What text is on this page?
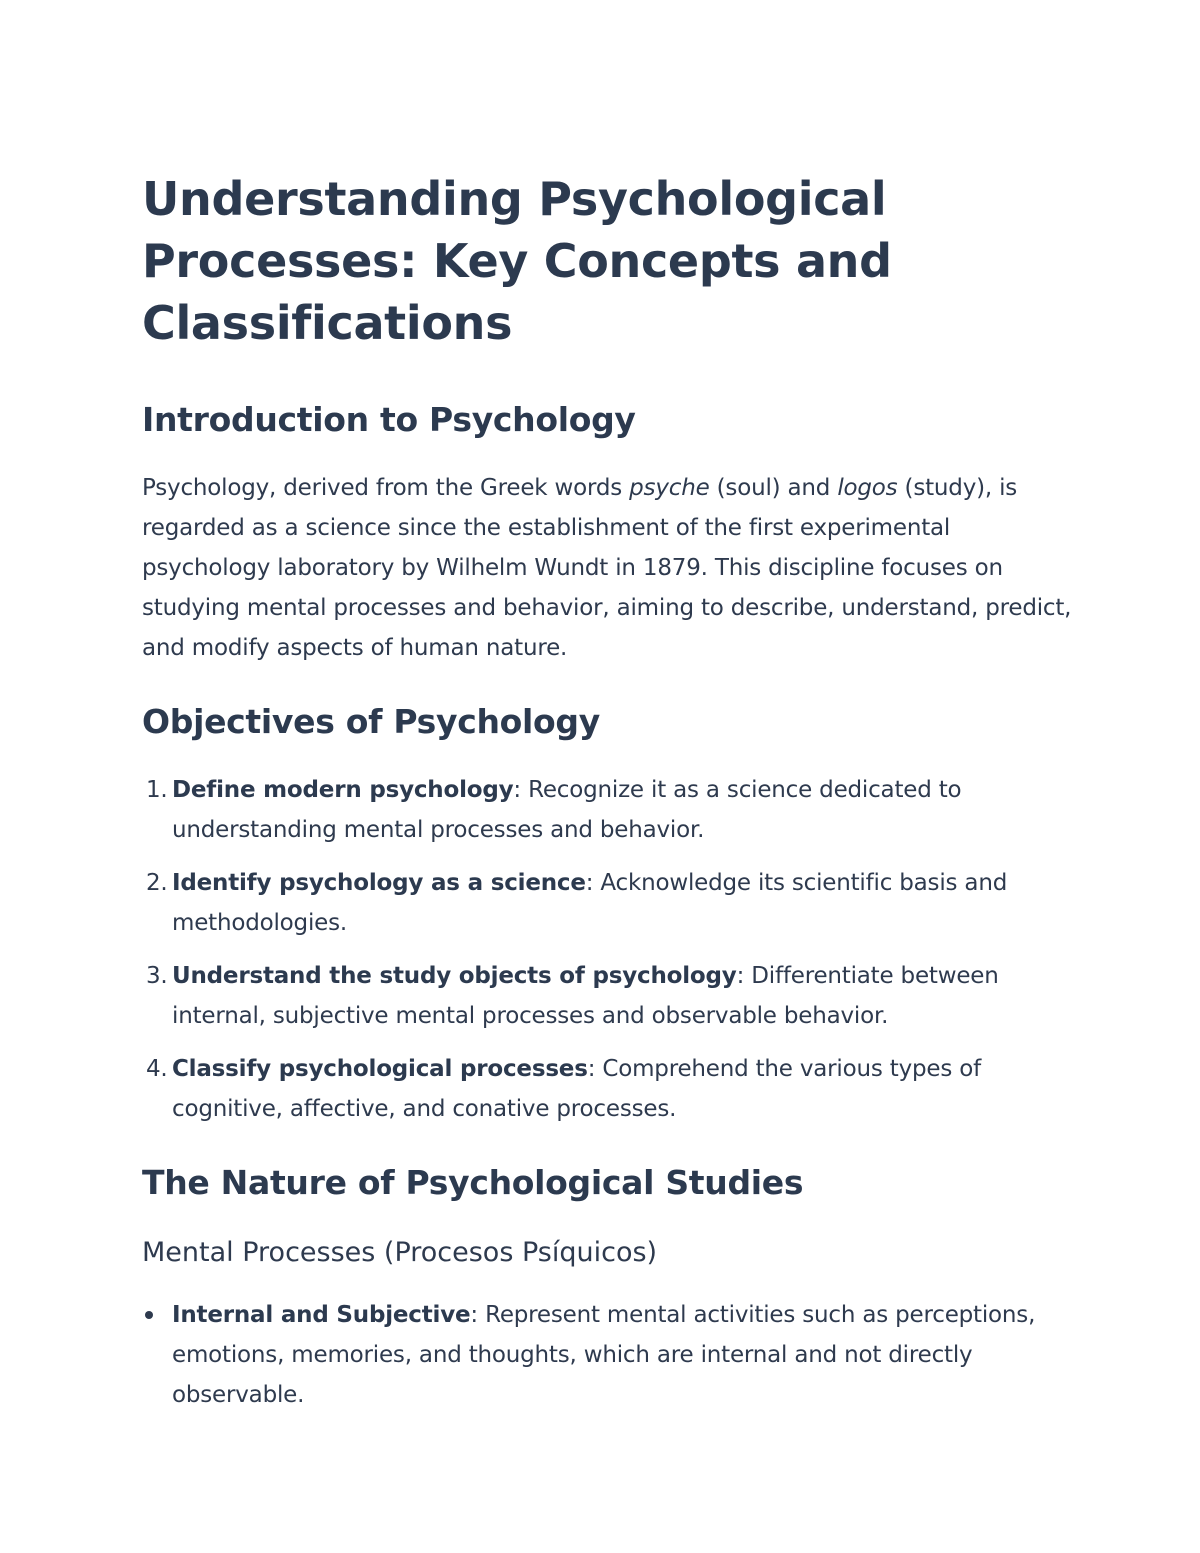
Understanding Psychological Processes: Key Concepts and Classifications
Introduction to Psychology

Psychology, derived from the Greek words psyche (soul) and logos (study), is regarded as a science since the establishment of the first experimental psychology laboratory by Wilhelm Wundt in 1879. This discipline focuses on studying mental processes and behavior, aiming to describe, understand, predict, and modify aspects of human nature.

Objectives of Psychology
1. Define modern psychology: Recognize it as a science dedicated to understanding mental processes and behavior.
2. Identify psychology as a science: Acknowledge its scientific basis and methodologies.
3. Understand the study objects of psychology: Differentiate between internal, subjective mental processes and observable behavior.
4. Classify psychological processes: Comprehend the various types of cognitive, affective, and conative processes.
The Nature of Psychological Studies
Mental Processes (Procesos Psíquicos)
Internal and Subjective: Represent mental activities such as perceptions, emotions, memories, and thoughts, which are internal and not directly observable.
